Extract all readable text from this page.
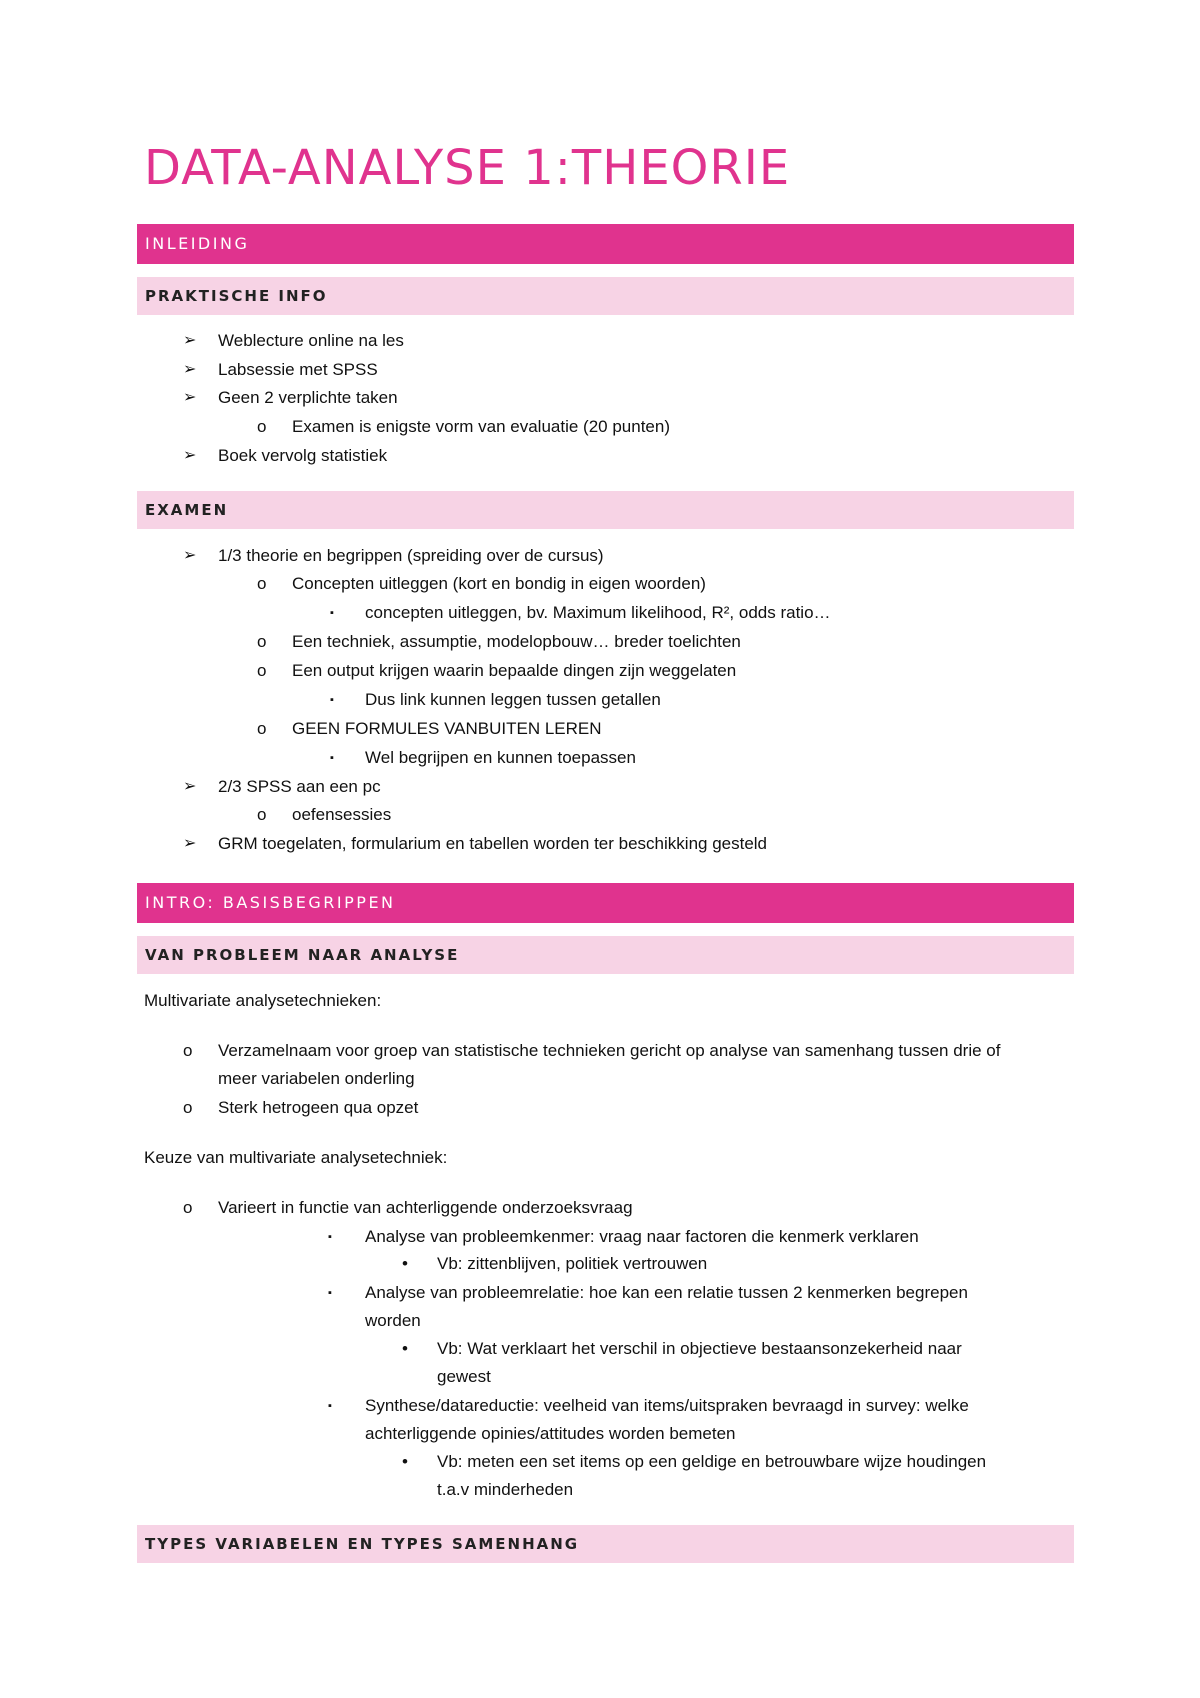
DATA-ANALYSE 1:THEORIE
INLEIDING
PRAKTISCHE INFO
➢ Weblecture online na les
➢ Labsessie met SPSS
➢ Geen 2 verplichte taken
o Examen is enigste vorm van evaluatie (20 punten)
➢ Boek vervolg statistiek
EXAMEN
➢ 1/3 theorie en begrippen (spreiding over de cursus)
o Concepten uitleggen (kort en bondig in eigen woorden)
▪ concepten uitleggen, bv. Maximum likelihood, R², odds ratio…
o Een techniek, assumptie, modelopbouw… breder toelichten
o Een output krijgen waarin bepaalde dingen zijn weggelaten
▪ Dus link kunnen leggen tussen getallen
o GEEN FORMULES VANBUITEN LEREN
▪ Wel begrijpen en kunnen toepassen
➢ 2/3 SPSS aan een pc
o oefensessies
➢ GRM toegelaten, formularium en tabellen worden ter beschikking gesteld
INTRO: BASISBEGRIPPEN
VAN PROBLEEM NAAR ANALYSE
Multivariate analysetechnieken:
o Verzamelnaam voor groep van statistische technieken gericht op analyse van samenhang tussen drie of
meer variabelen onderling
o Sterk hetrogeen qua opzet
Keuze van multivariate analysetechniek:
o Varieert in functie van achterliggende onderzoeksvraag
▪ Analyse van probleemkenmer: vraag naar factoren die kenmerk verklaren
• Vb: zittenblijven, politiek vertrouwen
▪ Analyse van probleemrelatie: hoe kan een relatie tussen 2 kenmerken begrepen
worden
• Vb: Wat verklaart het verschil in objectieve bestaansonzekerheid naar
gewest
▪ Synthese/datareductie: veelheid van items/uitspraken bevraagd in survey: welke
achterliggende opinies/attitudes worden bemeten
• Vb: meten een set items op een geldige en betrouwbare wijze houdingen
t.a.v minderheden
TYPES VARIABELEN EN TYPES SAMENHANG
